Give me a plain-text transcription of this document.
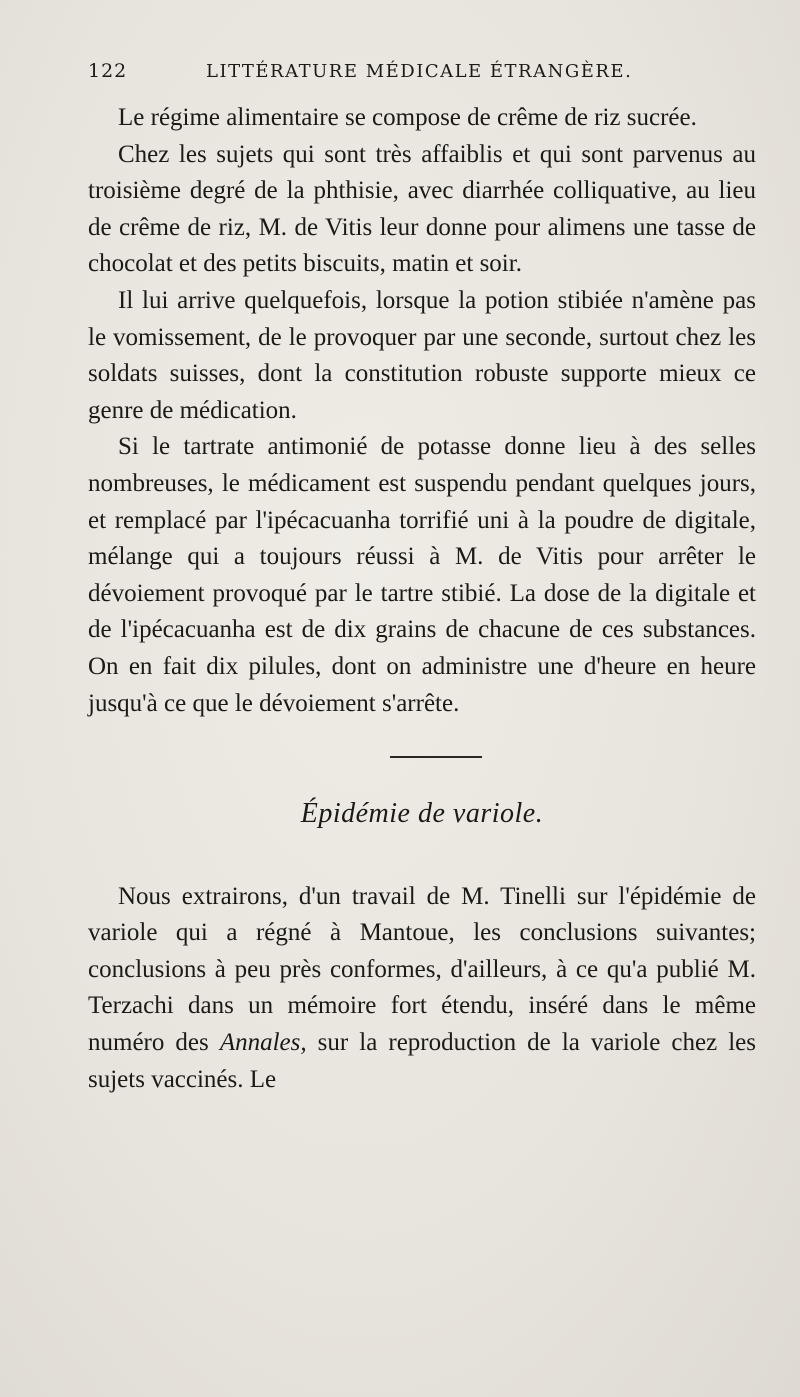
122	LITTÉRATURE MÉDICALE ÉTRANGÈRE.

Le régime alimentaire se compose de crême de riz sucrée.

Chez les sujets qui sont très affaiblis et qui sont parvenus au troisième degré de la phthisie, avec diarrhée colliquative, au lieu de crême de riz, M. de Vitis leur donne pour alimens une tasse de chocolat et des petits biscuits, matin et soir.

Il lui arrive quelquefois, lorsque la potion stibiée n'amène pas le vomissement, de le provoquer par une seconde, surtout chez les soldats suisses, dont la constitution robuste supporte mieux ce genre de médication.

Si le tartrate antimonié de potasse donne lieu à des selles nombreuses, le médicament est suspendu pendant quelques jours, et remplacé par l'ipécacuanha torrifié uni à la poudre de digitale, mélange qui a toujours réussi à M. de Vitis pour arrêter le dévoiement provoqué par le tartre stibié. La dose de la digitale et de l'ipécacuanha est de dix grains de chacune de ces substances. On en fait dix pilules, dont on administre une d'heure en heure jusqu'à ce que le dévoiement s'arrête.

Épidémie de variole.

Nous extrairons, d'un travail de M. Tinelli sur l'épidémie de variole qui a régné à Mantoue, les conclusions suivantes; conclusions à peu près conformes, d'ailleurs, à ce qu'a publié M. Terzachi dans un mémoire fort étendu, inséré dans le même numéro des Annales, sur la reproduction de la variole chez les sujets vaccinés. Le
